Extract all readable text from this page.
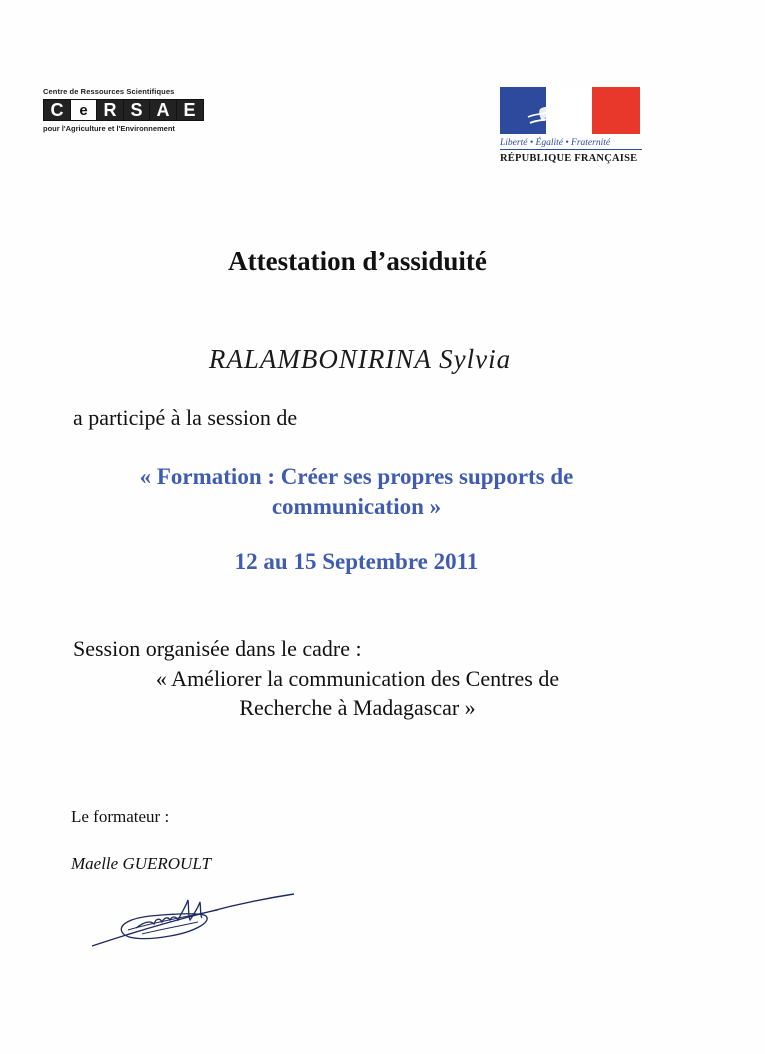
Centre de Ressources Scientifiques
C	e R S A E
pour l'Agriculture et l'Environnement
Liberté • Égalité • Fraternité
RÉPUBLIQUE FRANÇAISE
Attestation d’assiduité
RALAMBONIRINA Sylvia
a participé à la session de
« Formation : Créer ses propres supports de
communication »
12 au 15 Septembre 2011
Session organisée dans le cadre :
« Améliorer la communication des Centres de
Recherche à Madagascar »
Le formateur :
Maelle GUEROULT
